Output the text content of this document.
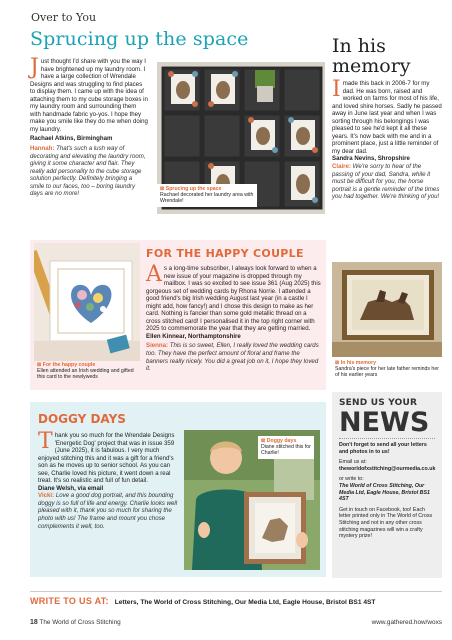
Over to You
Sprucing up the space

Just thought I'd share with you the way I have brightened up my laundry room. I have a large collection of Wrendale Designs and was struggling to find places to display them. I came up with the idea of attaching them to my cube storage boxes in my laundry room and surrounding them with handmade fabric yo-yos. I hope they make you smile like they do me when doing my laundry.

Rachael Atkins, Birmingham

Hannah: That's such a lush way of decorating and elevating the laundry room, giving it some character and flair. They really add personality to the cube storage solution perfectly. Definitely bringing a smile to our faces, too – boring laundry days are no more!

⊠ Sprucing up the space
Rachael decorated her laundry area with Wrendale!
In his memory

Imade this back in 2006-7 for my dad. He was born, raised and worked on farms for most of his life, and loved shire horses. Sadly he passed away in June last year and when I was sorting through his belongings I was pleased to see he'd kept it all these years. It's now back with me and in a prominent place, just a little reminder of my dear dad.

Sandra Nevins, Shropshire

Claire: We're sorry to hear of the passing of your dad, Sandra, while it must be difficult for you, the horse portrait is a gentle reminder of the times you had together. We're thinking of you!

⊠ In his memory
Sandra's piece for her late father reminds her of his earlier years
⊠ For the happy couple
Ellen attended an Irish wedding and gifted this card to the newlyweds
FOR THE HAPPY COUPLE

As a long-time subscriber, I always look forward to when a new issue of your magazine is dropped through my mailbox. I was so excited to see issue 361 (Aug 2025) this gorgeous set of wedding cards by Rhona Norrie. I attended a good friend's big Irish wedding August last year (in a castle I might add, how fancy!) and I chose this design to make as her card. Nothing is fancier than some gold metallic thread on a cross stitched card! I personalised it in the top right corner with 2025 to commemorate the year that they are getting married.

Ellen Kinnear, Northamptonshire

Sienna: This is so sweet, Ellen, I really loved the wedding cards too. They have the perfect amount of floral and frame the banners really nicely. You did a great job on it, I hope they loved it.

DOGGY DAYS

Thank you so much for the Wrendale Designs 'Energetic Dog' project that was in issue 359 (June 2025), it is fabulous. I very much enjoyed stitching this and it was a gift for a friend's son as he moves up to senior school. As you can see, Charlie loved his picture, it went down a real treat. It's so realistic and full of fun detail.

Diane Welsh, via email

Vicki: Love a good dog portrait, and this bounding doggy is so full of life and energy. Charlie looks well pleased with it, thank you so much for sharing the photo with us! The frame and mount you chose complements it well, too.

⊠ Doggy days
Diane stitched this for Charlie!
SEND US YOUR
NEWS

Don't forget to send all your letters and photos in to us!

Email us at:
theworldofxstitching@ourmedia.co.uk

or write to:
The World of Cross Stitching, Our Media Ltd, Eagle House, Bristol BS1 4ST

Get in touch on Facebook, too! Each letter printed only in The World of Cross Stitching and not in any other cross stitching magazines will win a crafty mystery prize!

WRITE TO US AT: Letters, The World of Cross Stitching, Our Media Ltd, Eagle House, Bristol BS1 4ST
18 The World of Cross Stitching	www.gathered.how/woxs
